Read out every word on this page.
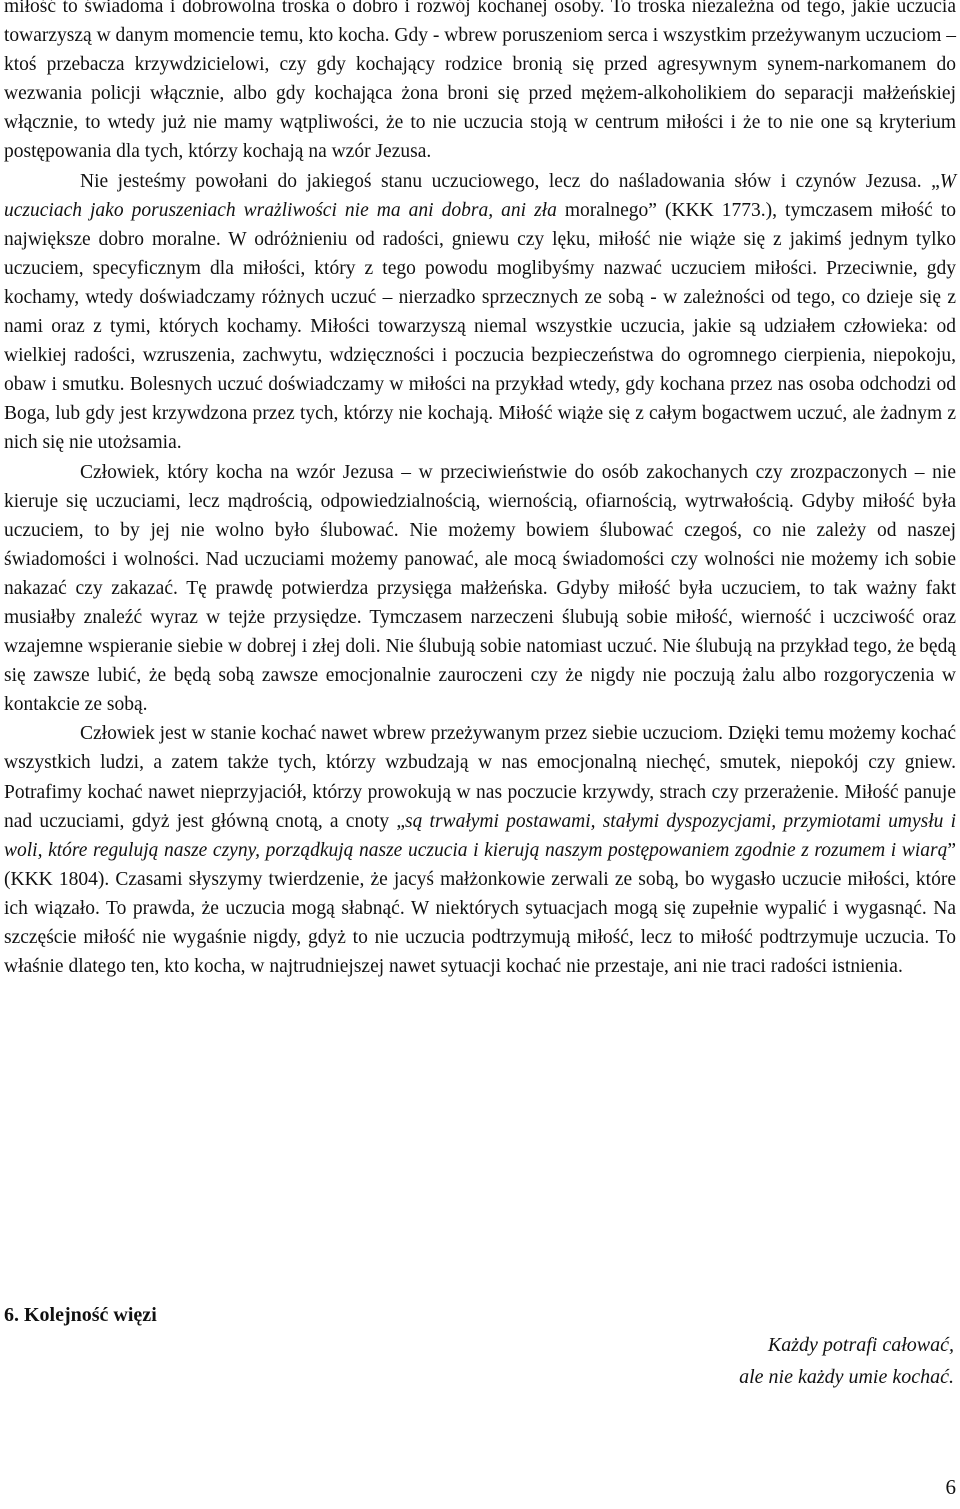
miłość to świadoma i dobrowolna troska o dobro i rozwój kochanej osoby. To troska niezależna od tego, jakie uczucia towarzyszą w danym momencie temu, kto kocha. Gdy - wbrew poruszeniom serca i wszystkim przeżywanym uczuciom – ktoś przebacza krzywdzicielowi, czy gdy kochający rodzice bronią się przed agresywnym synem-narkomanem do wezwania policji włącznie, albo gdy kochająca żona broni się przed mężem-alkoholikiem do separacji małżeńskiej włącznie, to wtedy już nie mamy wątpliwości, że to nie uczucia stoją w centrum miłości i że to nie one są kryterium postępowania dla tych, którzy kochają na wzór Jezusa.

Nie jesteśmy powołani do jakiegoś stanu uczuciowego, lecz do naśladowania słów i czynów Jezusa. „W uczuciach jako poruszeniach wrażliwości nie ma ani dobra, ani zła moralnego” (KKK 1773.), tymczasem miłość to największe dobro moralne. W odróżnieniu od radości, gniewu czy lęku, miłość nie wiąże się z jakimś jednym tylko uczuciem, specyficznym dla miłości, który z tego powodu moglibyśmy nazwać uczuciem miłości. Przeciwnie, gdy kochamy, wtedy doświadczamy różnych uczuć – nierzadko sprzecznych ze sobą - w zależności od tego, co dzieje się z nami oraz z tymi, których kochamy. Miłości towarzyszą niemal wszystkie uczucia, jakie są udziałem człowieka: od wielkiej radości, wzruszenia, zachwytu, wdzięczności i poczucia bezpieczeństwa do ogromnego cierpienia, niepokoju, obaw i smutku. Bolesnych uczuć doświadczamy w miłości na przykład wtedy, gdy kochana przez nas osoba odchodzi od Boga, lub gdy jest krzywdzona przez tych, którzy nie kochają. Miłość wiąże się z całym bogactwem uczuć, ale żadnym z nich się nie utożsamia.

Człowiek, który kocha na wzór Jezusa – w przeciwieństwie do osób zakochanych czy zrozpaczonych – nie kieruje się uczuciami, lecz mądrością, odpowiedzialnością, wiernością, ofiarnością, wytrwałością. Gdyby miłość była uczuciem, to by jej nie wolno było ślubować. Nie możemy bowiem ślubować czegoś, co nie zależy od naszej świadomości i wolności. Nad uczuciami możemy panować, ale mocą świadomości czy wolności nie możemy ich sobie nakazać czy zakazać. Tę prawdę potwierdza przysięga małżeńska. Gdyby miłość była uczuciem, to tak ważny fakt musiałby znaleźć wyraz w tejże przysiędze. Tymczasem narzeczeni ślubują sobie miłość, wierność i uczciwość oraz wzajemne wspieranie siebie w dobrej i złej doli. Nie ślubują sobie natomiast uczuć. Nie ślubują na przykład tego, że będą się zawsze lubić, że będą sobą zawsze emocjonalnie zauroczeni czy że nigdy nie poczują żalu albo rozgoryczenia w kontakcie ze sobą.

Człowiek jest w stanie kochać nawet wbrew przeżywanym przez siebie uczuciom. Dzięki temu możemy kochać wszystkich ludzi, a zatem także tych, którzy wzbudzają w nas emocjonalną niechęć, smutek, niepokój czy gniew. Potrafimy kochać nawet nieprzyjaciół, którzy prowokują w nas poczucie krzywdy, strach czy przerażenie. Miłość panuje nad uczuciami, gdyż jest główną cnotą, a cnoty „są trwałymi postawami, stałymi dyspozycjami, przymiotami umysłu i woli, które regulują nasze czyny, porządkują nasze uczucia i kierują naszym postępowaniem zgodnie z rozumem i wiarą” (KKK 1804). Czasami słyszymy twierdzenie, że jacyś małżonkowie zerwali ze sobą, bo wygasło uczucie miłości, które ich wiązało. To prawda, że uczucia mogą słabnąć. W niektórych sytuacjach mogą się zupełnie wypalić i wygasnąć. Na szczęście miłość nie wygaśnie nigdy, gdyż to nie uczucia podtrzymują miłość, lecz to miłość podtrzymuje uczucia. To właśnie dlatego ten, kto kocha, w najtrudniejszej nawet sytuacji kochać nie przestaje, ani nie traci radości istnienia.

6. Kolejność więzi
Każdy potrafi całować,
ale nie każdy umie kochać.
6
